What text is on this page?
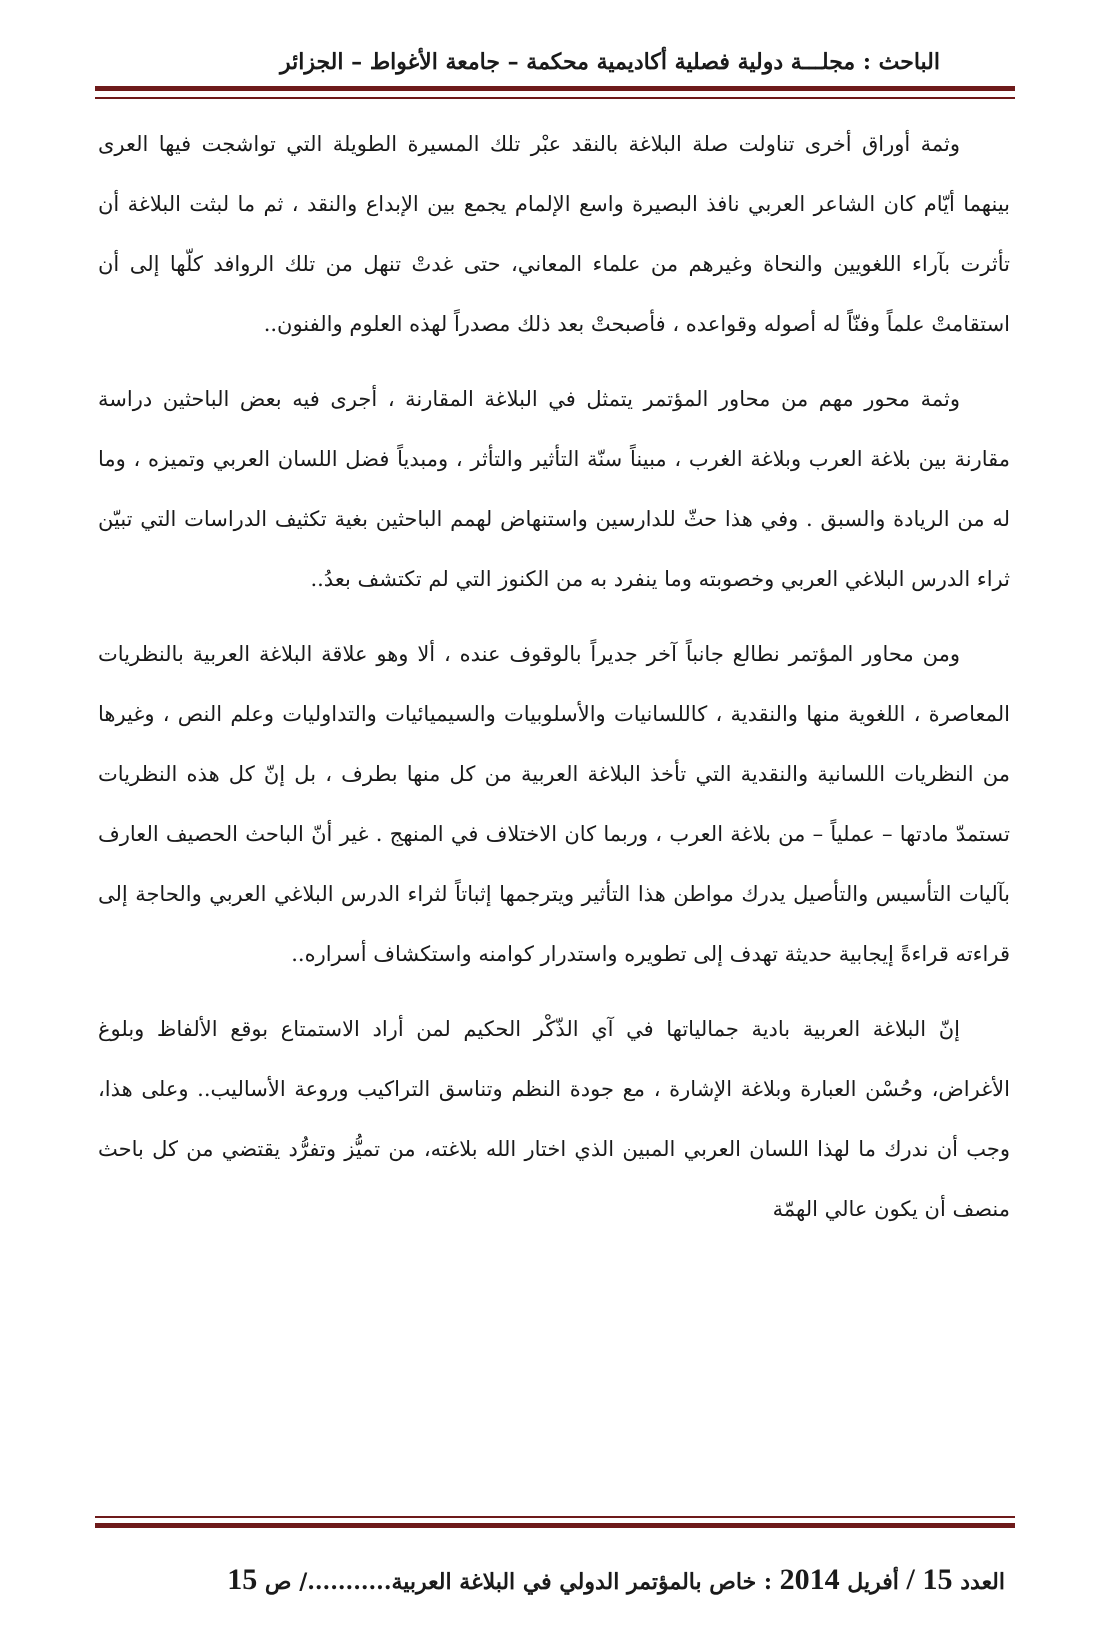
الباحث : مجلـــة دولية فصلية أكاديمية محكمة – جامعة الأغواط – الجزائر

وثمة أوراق أخرى تناولت صلة البلاغة بالنقد عبْر تلك المسيرة الطويلة التي تواشجت فيها العرى بينهما أيّام كان الشاعر العربي نافذ البصيرة واسع الإلمام يجمع بين الإبداع والنقد ، ثم ما لبثت البلاغة أن تأثرت بآراء اللغويين والنحاة وغيرهم من علماء المعاني، حتى غدتْ تنهل من تلك الروافد كلّها إلى أن استقامتْ علماً وفنّاً له أصوله وقواعده ، فأصبحتْ بعد ذلك مصدراً لهذه العلوم والفنون..

وثمة محور مهم من محاور المؤتمر يتمثل في البلاغة المقارنة ، أجرى فيه بعض الباحثين دراسة مقارنة بين بلاغة العرب وبلاغة الغرب ، مبيناً سنّة التأثير والتأثر ، ومبدياً فضل اللسان العربي وتميزه ، وما له من الريادة والسبق . وفي هذا حثّ للدارسين واستنهاض لهمم الباحثين بغية تكثيف الدراسات التي تبيّن ثراء الدرس البلاغي العربي وخصوبته وما ينفرد به من الكنوز التي لم تكتشف بعدُ..

ومن محاور المؤتمر نطالع جانباً آخر جديراً بالوقوف عنده ، ألا وهو علاقة البلاغة العربية بالنظريات المعاصرة ، اللغوية منها والنقدية ، كاللسانيات والأسلوبيات والسيميائيات والتداوليات وعلم النص ، وغيرها من النظريات اللسانية والنقدية التي تأخذ البلاغة العربية من كل منها بطرف ، بل إنّ كل هذه النظريات تستمدّ مادتها – عملياً – من بلاغة العرب ، وربما كان الاختلاف في المنهج . غير أنّ الباحث الحصيف العارف بآليات التأسيس والتأصيل يدرك مواطن هذا التأثير ويترجمها إثباتاً لثراء الدرس البلاغي العربي والحاجة إلى قراءته قراءةً إيجابية حديثة تهدف إلى تطويره واستدرار كوامنه واستكشاف أسراره..

إنّ البلاغة العربية بادية جمالياتها في آي الذّكْر الحكيم لمن أراد الاستمتاع بوقع الألفاظ وبلوغ الأغراض، وحُسْن العبارة وبلاغة الإشارة ، مع جودة النظم وتناسق التراكيب وروعة الأساليب.. وعلى هذا، وجب أن ندرك ما لهذا اللسان العربي المبين الذي اختار الله بلاغته، من تميُّز وتفرُّد يقتضي من كل باحث منصف أن يكون عالي الهمّة

العدد 15 / أفريل 2014 : خاص بالمؤتمر الدولي في البلاغة العربية.........../ ص 15
